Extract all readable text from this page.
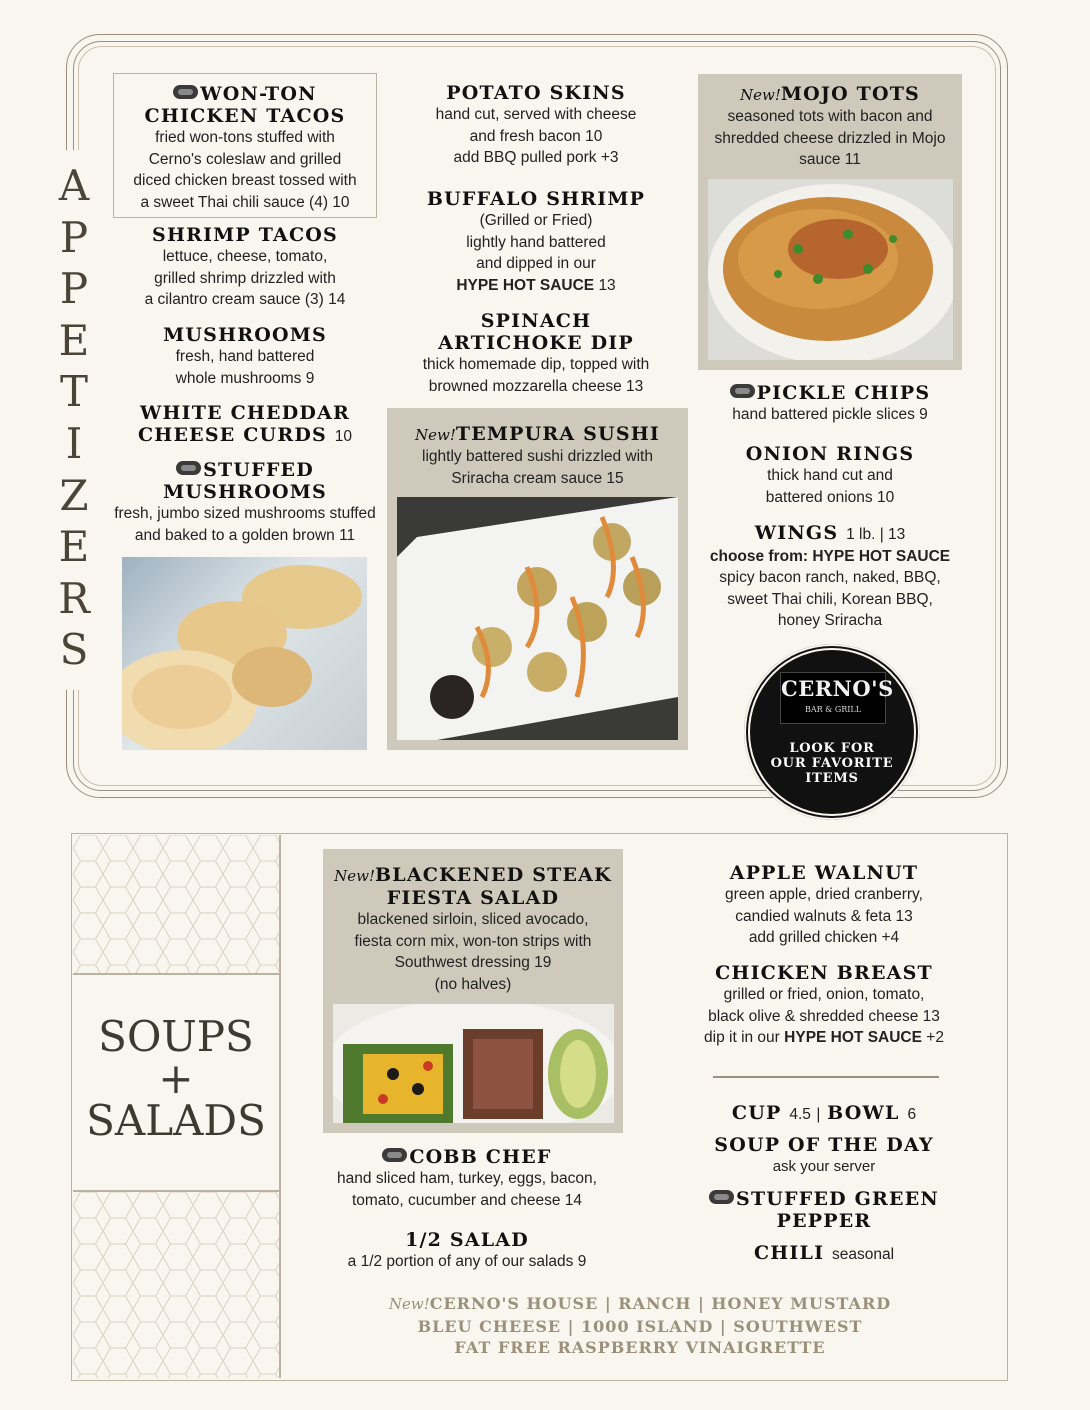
A
P
P
E
T
I
Z
E
R
S
WON-TON
CHICKEN TACOS
fried won-tons stuffed with
Cerno's coleslaw and grilled
diced chicken breast tossed with
a sweet Thai chili sauce (4) 10
SHRIMP TACOS
lettuce, cheese, tomato,
grilled shrimp drizzled with
a cilantro cream sauce (3) 14
MUSHROOMS
fresh, hand battered
whole mushrooms 9
WHITE CHEDDAR
CHEESE CURDS 10
STUFFED
MUSHROOMS
fresh, jumbo sized mushrooms stuffed
and baked to a golden brown 11
POTATO SKINS
hand cut, served with cheese
and fresh bacon 10
add BBQ pulled pork +3
BUFFALO SHRIMP
(Grilled or Fried)
lightly hand battered
and dipped in our
HYPE HOT SAUCE 13
SPINACH
ARTICHOKE DIP
thick homemade dip, topped with
browned mozzarella cheese 13
New!TEMPURA SUSHI
lightly battered sushi drizzled with
Sriracha cream sauce 15
New!MOJO TOTS
seasoned tots with bacon and
shredded cheese drizzled in Mojo
sauce 11
PICKLE CHIPS
hand battered pickle slices 9
ONION RINGS
thick hand cut and
battered onions 10
WINGS 1 lb. | 13
choose from: HYPE HOT SAUCE
spicy bacon ranch, naked, BBQ,
sweet Thai chili, Korean BBQ,
honey Sriracha
CERNO'S
BAR & GRILL
LOOK FOR
OUR FAVORITE
ITEMS
SOUPS
+
SALADS
New!BLACKENED STEAK
FIESTA SALAD
blackened sirloin, sliced avocado,
fiesta corn mix, won-ton strips with
Southwest dressing 19
(no halves)
COBB CHEF
hand sliced ham, turkey, eggs, bacon,
tomato, cucumber and cheese 14
1/2 SALAD
a 1/2 portion of any of our salads 9
APPLE WALNUT
green apple, dried cranberry,
candied walnuts & feta 13
add grilled chicken +4
CHICKEN BREAST
grilled or fried, onion, tomato,
black olive & shredded cheese 13
dip it in our HYPE HOT SAUCE +2
CUP 4.5 | BOWL 6
SOUP OF THE DAY
ask your server
STUFFED GREEN
PEPPER
CHILI seasonal
New!CERNO'S HOUSE | RANCH | HONEY MUSTARD
BLEU CHEESE | 1000 ISLAND | SOUTHWEST
FAT FREE RASPBERRY VINAIGRETTE
